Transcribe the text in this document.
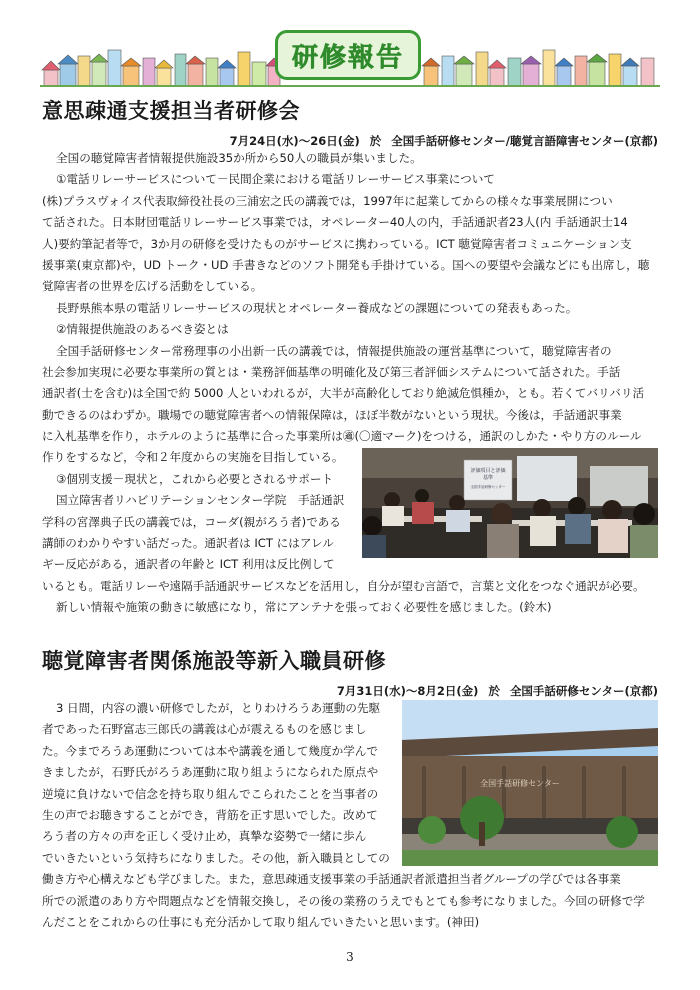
研修報告
意思疎通支援担当者研修会
7月24日(水)～26日(金) 於 全国手話研修センター/聴覚言語障害センター(京都)

全国の聴覚障害者情報提供施設35か所から50人の職員が集いました。

①電話リレーサービスについて－民間企業における電話リレーサービス事業について

(株)プラスヴォイス代表取締役社長の三浦宏之氏の講義では，1997年に起業してからの様々な事業展開につい

て話された。日本財団電話リレーサービス事業では，オペレーター40人の内，手話通訳者23人(内 手話通訳士14

人)要約筆記者等で，3か月の研修を受けたものがサービスに携わっている。ICT 聴覚障害者コミュニケーション支

援事業(東京都)や，UD トーク・UD 手書きなどのソフト開発も手掛けている。国への要望や会議などにも出席し，聴

覚障害者の世界を広げる活動をしている。

長野県熊本県の電話リレーサービスの現状とオペレーター養成などの課題についての発表もあった。

②情報提供施設のあるべき姿とは

全国手話研修センター常務理事の小出新一氏の講義では，情報提供施設の運営基準について，聴覚障害者の

社会参加実現に必要な事業所の質とは・業務評価基準の明確化及び第三者評価システムについて話された。手話

通訳者(士を含む)は全国で約 5000 人といわれるが，大半が高齢化しており絶滅危惧種か，とも。若くてバリバリ活

動できるのはわずか。職場での聴覚障害者への情報保障は，ほぼ半数がないという現状。今後は，手話通訳事業

に入札基準を作り，ホテルのように基準に合った事業所は㊜(〇適マーク)をつける，通訳のしかた・やり方のルール

作りをするなど，令和２年度からの実施を目指している。

③個別支援－現状と，これから必要とされるサポート

国立障害者リハビリテーションセンター学院　手話通訳

学科の宮澤典子氏の講義では，コーダ(親がろう者)である

講師のわかりやすい話だった。通訳者は ICT にはアレル

ギー反応がある，通訳者の年齢と ICT 利用は反比例して

いるとも。電話リレーや遠隔手話通訳サービスなどを活用し，自分が望む言語で，言葉と文化をつなぐ通訳が必要。

新しい情報や施策の動きに敏感になり，常にアンテナを張っておく必要性を感じました。(鈴木)

評価項目と評価
基準
全国手話研修センター
聴覚障害者関係施設等新入職員研修
7月31日(水)～8月2日(金) 於 全国手話研修センター(京都)

3 日間，内容の濃い研修でしたが，とりわけろうあ運動の先駆

者であった石野富志三郎氏の講義は心が震えるものを感じまし

た。今までろうあ運動については本や講義を通して幾度か学んで

きましたが，石野氏がろうあ運動に取り組ようになられた原点や

逆境に負けないで信念を持ち取り組んでこられたことを当事者の

生の声でお聴きすることができ，背筋を正す思いでした。改めて

ろう者の方々の声を正しく受け止め，真摯な姿勢で一緒に歩ん

でいきたいという気持ちになりました。その他，新入職員としての

働き方や心構えなども学びました。また，意思疎通支援事業の手話通訳者派遣担当者グループの学びでは各事業

所での派遣のあり方や問題点などを情報交換し，その後の業務のうえでもとても参考になりました。今回の研修で学

んだことをこれからの仕事にも充分活かして取り組んでいきたいと思います。(神田)

全国手話研修センター
3
